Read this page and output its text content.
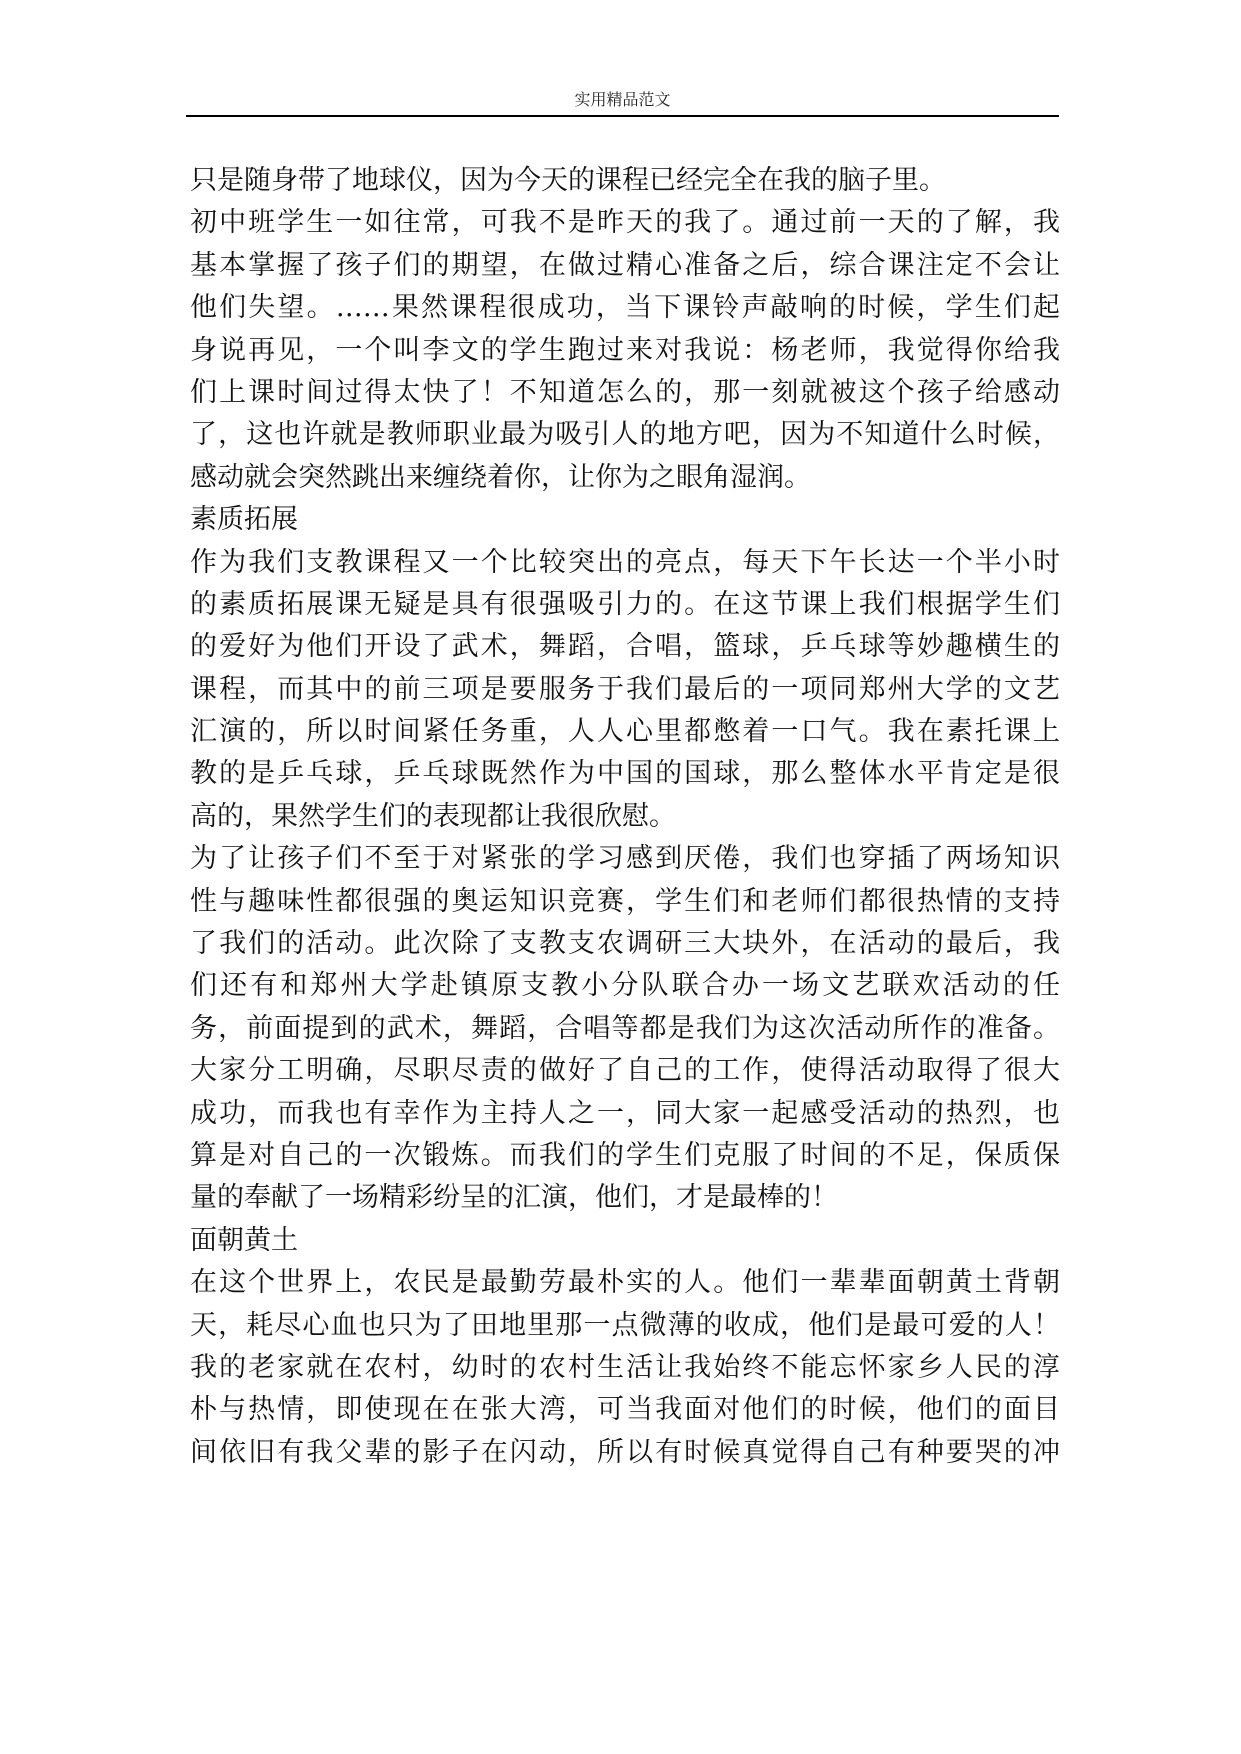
实用精品范文
只是随身带了地球仪，因为今天的课程已经完全在我的脑子里。
初中班学生一如往常，可我不是昨天的我了。通过前一天的了解，我
基本掌握了孩子们的期望，在做过精心准备之后，综合课注定不会让
他们失望。……果然课程很成功，当下课铃声敲响的时候，学生们起
身说再见，一个叫李文的学生跑过来对我说：杨老师，我觉得你给我
们上课时间过得太快了！不知道怎么的，那一刻就被这个孩子给感动
了，这也许就是教师职业最为吸引人的地方吧，因为不知道什么时候，
感动就会突然跳出来缠绕着你，让你为之眼角湿润。
素质拓展
作为我们支教课程又一个比较突出的亮点，每天下午长达一个半小时
的素质拓展课无疑是具有很强吸引力的。在这节课上我们根据学生们
的爱好为他们开设了武术，舞蹈，合唱，篮球，乒乓球等妙趣横生的
课程，而其中的前三项是要服务于我们最后的一项同郑州大学的文艺
汇演的，所以时间紧任务重，人人心里都憋着一口气。我在素托课上
教的是乒乓球，乒乓球既然作为中国的国球，那么整体水平肯定是很
高的，果然学生们的表现都让我很欣慰。
为了让孩子们不至于对紧张的学习感到厌倦，我们也穿插了两场知识
性与趣味性都很强的奥运知识竞赛，学生们和老师们都很热情的支持
了我们的活动。此次除了支教支农调研三大块外，在活动的最后，我
们还有和郑州大学赴镇原支教小分队联合办一场文艺联欢活动的任
务，前面提到的武术，舞蹈，合唱等都是我们为这次活动所作的准备。
大家分工明确，尽职尽责的做好了自己的工作，使得活动取得了很大
成功，而我也有幸作为主持人之一，同大家一起感受活动的热烈，也
算是对自己的一次锻炼。而我们的学生们克服了时间的不足，保质保
量的奉献了一场精彩纷呈的汇演，他们，才是最棒的！
面朝黄土
在这个世界上，农民是最勤劳最朴实的人。他们一辈辈面朝黄土背朝
天，耗尽心血也只为了田地里那一点微薄的收成，他们是最可爱的人！
我的老家就在农村，幼时的农村生活让我始终不能忘怀家乡人民的淳
朴与热情，即使现在在张大湾，可当我面对他们的时候，他们的面目
间依旧有我父辈的影子在闪动，所以有时候真觉得自己有种要哭的冲
